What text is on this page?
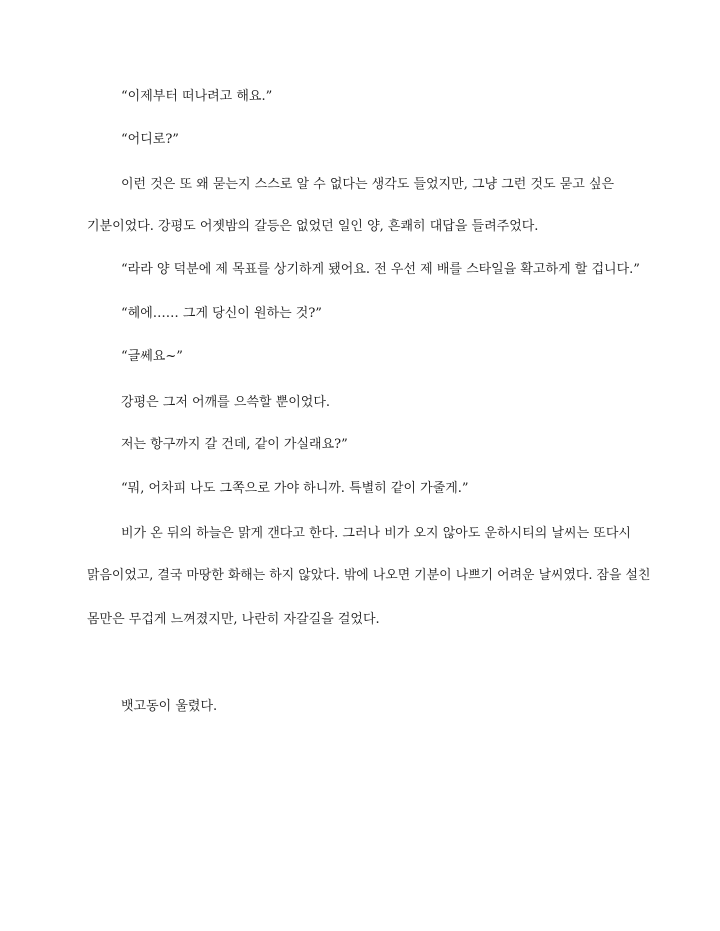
“이제부터 떠나려고 해요.”

“어디로?”

이런 것은 또 왜 묻는지 스스로 알 수 없다는 생각도 들었지만, 그냥 그런 것도 묻고 싶은

기분이었다. 강평도 어젯밤의 갈등은 없었던 일인 양, 흔쾌히 대답을 들려주었다.

“라라 양 덕분에 제 목표를 상기하게 됐어요. 전 우선 제 배를 스타일을 확고하게 할 겁니다.”

“헤에…… 그게 당신이 원하는 것?”

“글쎄요~”

강평은 그저 어깨를 으쓱할 뿐이었다.

저는 항구까지 갈 건데, 같이 가실래요?”

“뭐, 어차피 나도 그쪽으로 가야 하니까. 특별히 같이 가줄게.”

비가 온 뒤의 하늘은 맑게 갠다고 한다. 그러나 비가 오지 않아도 운하시티의 날씨는 또다시

맑음이었고, 결국 마땅한 화해는 하지 않았다. 밖에 나오면 기분이 나쁘기 어려운 날씨였다. 잠을 설친

몸만은 무겁게 느껴졌지만, 나란히 자갈길을 걸었다.

뱃고동이 울렸다.
